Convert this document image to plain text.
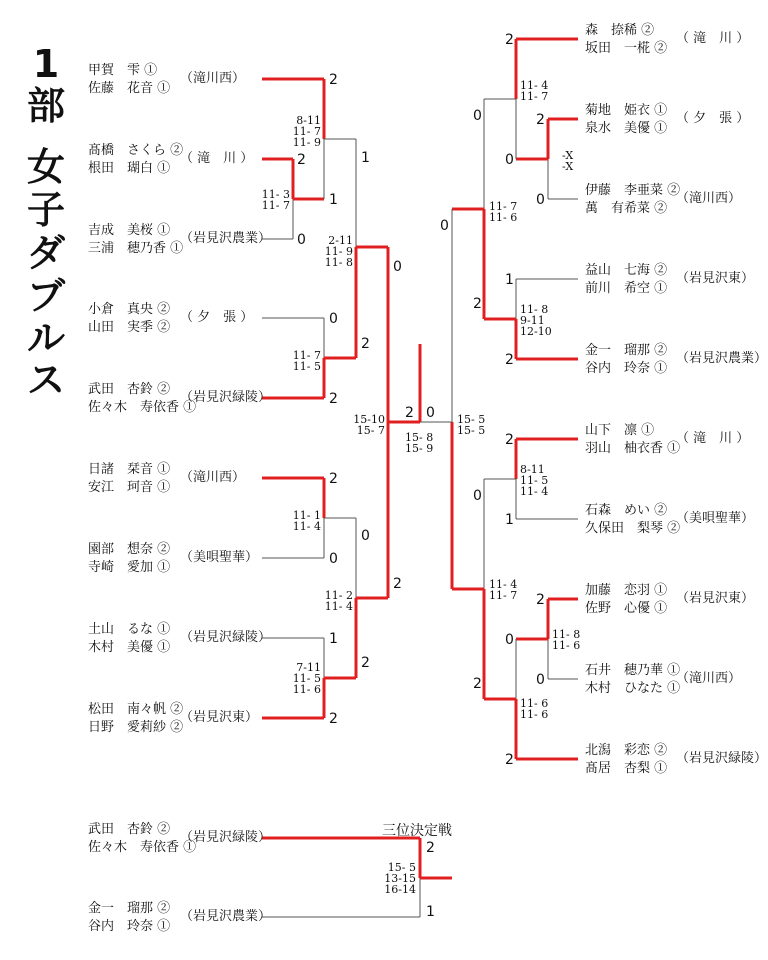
1
部
女
子
ダ
ブ
ル
ス
甲賀　雫 ①
佐藤　花音 ①
（滝川西）
髙橋　さくら ②
根田　瑚白 ①
（ 滝　川 ）
吉成　美桜 ①
三浦　穂乃香 ①
（岩見沢農業）
小倉　真央 ②
山田　実季 ②
（ 夕　張 ）
武田　杏鈴 ②
佐々木　寿依香 ①
（岩見沢緑陵）
日諸　栞音 ①
安江　珂音 ①
（滝川西）
園部　想奈 ②
寺崎　愛加 ①
（美唄聖華）
土山　るな ①
木村　美優 ①
（岩見沢緑陵）
松田　南々帆 ②
日野　愛莉紗 ②
（岩見沢東）
森　捺稀 ②
坂田　一椛 ②
（ 滝　川 ）
菊地　姫衣 ①
泉水　美優 ①
（ 夕　張 ）
伊藤　李亜菜 ②
萬　有希菜 ②
（滝川西）
益山　七海 ②
前川　希空 ①
（岩見沢東）
金一　瑠那 ②
谷内　玲奈 ①
（岩見沢農業）
山下　凛 ①
羽山　柚衣香 ①
（ 滝　川 ）
石森　めい ②
久保田　梨琴 ②
（美唄聖華）
加藤　恋羽 ①
佐野　心優 ①
（岩見沢東）
石井　穂乃華 ①
木村　ひなた ①
（滝川西）
北潟　彩恋 ②
髙居　杏梨 ①
（岩見沢緑陵）
武田　杏鈴 ②
佐々木　寿依香 ①
（岩見沢緑陵）
金一　瑠那 ②
谷内　玲奈 ①
（岩見沢農業）
2
2
0
0
2
2
0
1
2
1
1
0
2
0
2
2
2
2
2
0
1
2
2
1
2
0
2
0
0
0
0
2
0
2
0
2
1
11- 3
11- 7
8-11
11- 7
11- 9
11- 7
11- 5
2-11
11- 9
11- 8
11- 1
11- 4
7-11
11- 5
11- 6
11- 2
11- 4
15-10
15- 7
15- 8
15- 9
15- 5
15- 5
11- 4
11- 7
-X
-X
11- 7
11- 6
11- 8
9-11
12-10
8-11
11- 5
11- 4
11- 8
11- 6
11- 4
11- 7
11- 6
11- 6
15- 5
13-15
16-14
三位決定戦
